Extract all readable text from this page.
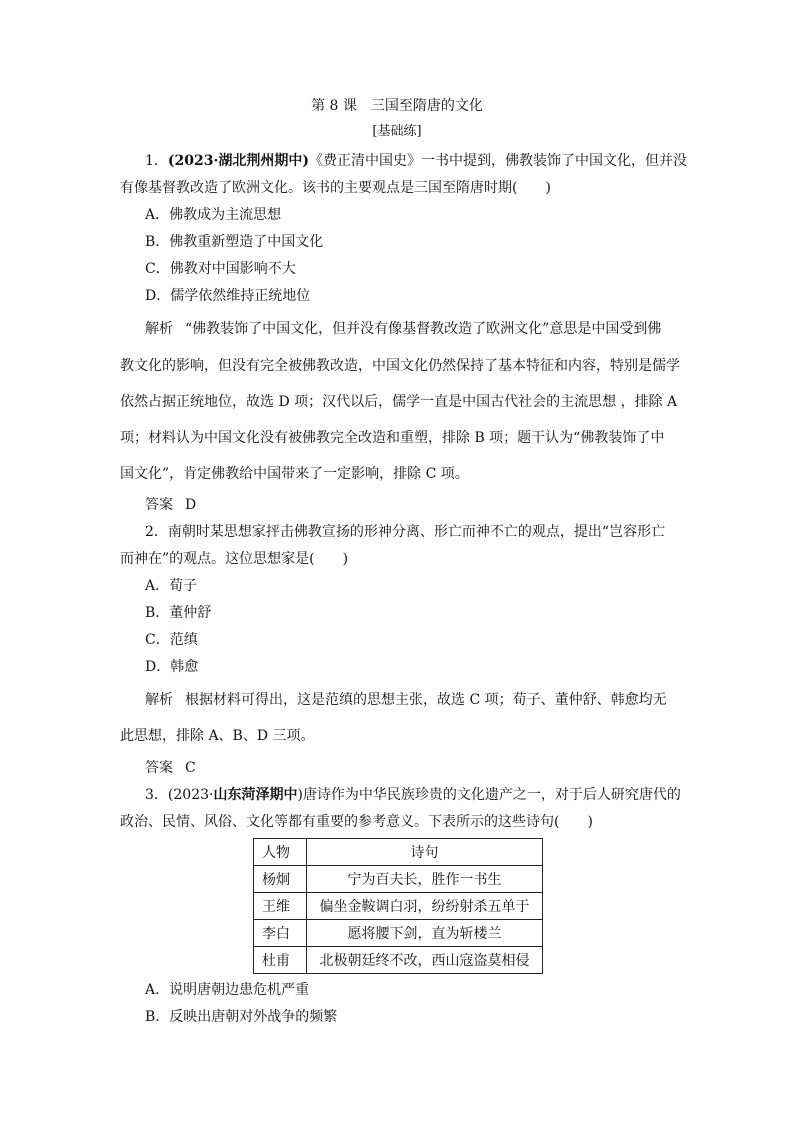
第 8 课　三国至隋唐的文化
[基础练]
1．(2023·湖北荆州期中)《费正清中国史》一书中提到，佛教装饰了中国文化，但并没
有像基督教改造了欧洲文化。该书的主要观点是三国至隋唐时期(　　)
A．佛教成为主流思想
B．佛教重新塑造了中国文化
C．佛教对中国影响不大
D．儒学依然维持正统地位
解析 “佛教装饰了中国文化，但并没有像基督教改造了欧洲文化”意思是中国受到佛
教文化的影响，但没有完全被佛教改造，中国文化仍然保持了基本特征和内容，特别是儒学
依然占据正统地位，故选 D 项；汉代以后，儒学一直是中国古代社会的主流思想 ，排除 A
项；材料认为中国文化没有被佛教完全改造和重塑，排除 B 项；题干认为“佛教装饰了中
国文化”，肯定佛教给中国带来了一定影响，排除 C 项。
答案 D
2．南朝时某思想家抨击佛教宣扬的形神分离、形亡而神不亡的观点，提出“岂容形亡
而神在”的观点。这位思想家是(　　)
A．荀子
B．董仲舒
C．范缜
D．韩愈
解析 根据材料可得出，这是范缜的思想主张，故选 C 项；荀子、董仲舒、韩愈均无
此思想，排除 A、B、D 三项。
答案 C
3．(2023·山东菏泽期中)唐诗作为中华民族珍贵的文化遗产之一，对于后人研究唐代的
政治、民情、风俗、文化等都有重要的参考意义。下表所示的这些诗句(　　)
人物	诗句
杨炯	宁为百夫长，胜作一书生
王维	偏坐金鞍调白羽，纷纷射杀五单于
李白	愿将腰下剑，直为斩楼兰
杜甫	北极朝廷终不改，西山寇盗莫相侵
A．说明唐朝边患危机严重
B．反映出唐朝对外战争的频繁
